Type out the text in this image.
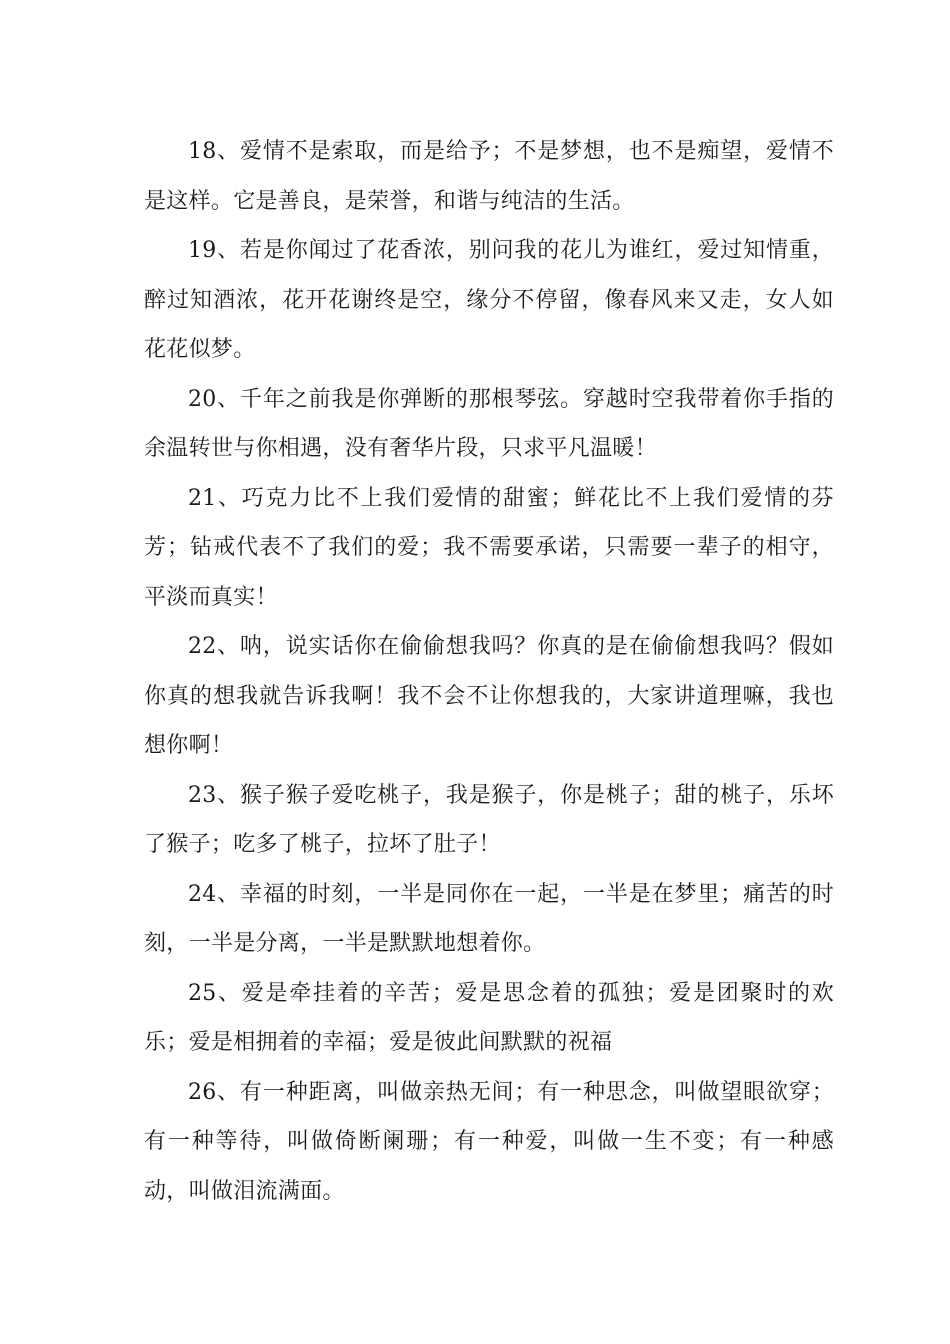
18、爱情不是索取，而是给予；不是梦想，也不是痴望，爱情不是这样。它是善良，是荣誉，和谐与纯洁的生活。

19、若是你闻过了花香浓，别问我的花儿为谁红，爱过知情重，醉过知酒浓，花开花谢终是空，缘分不停留，像春风来又走，女人如花花似梦。

20、千年之前我是你弹断的那根琴弦。穿越时空我带着你手指的余温转世与你相遇，没有奢华片段，只求平凡温暖！

21、巧克力比不上我们爱情的甜蜜；鲜花比不上我们爱情的芬芳；钻戒代表不了我们的爱；我不需要承诺，只需要一辈子的相守，平淡而真实！

22、呐，说实话你在偷偷想我吗？你真的是在偷偷想我吗？假如你真的想我就告诉我啊！我不会不让你想我的，大家讲道理嘛，我也想你啊！

23、猴子猴子爱吃桃子，我是猴子，你是桃子；甜的桃子，乐坏了猴子；吃多了桃子，拉坏了肚子！

24、幸福的时刻，一半是同你在一起，一半是在梦里；痛苦的时刻，一半是分离，一半是默默地想着你。

25、爱是牵挂着的辛苦；爱是思念着的孤独；爱是团聚时的欢乐；爱是相拥着的幸福；爱是彼此间默默的祝福

26、有一种距离，叫做亲热无间；有一种思念，叫做望眼欲穿；有一种等待，叫做倚断阑珊；有一种爱，叫做一生不变；有一种感动，叫做泪流满面。
